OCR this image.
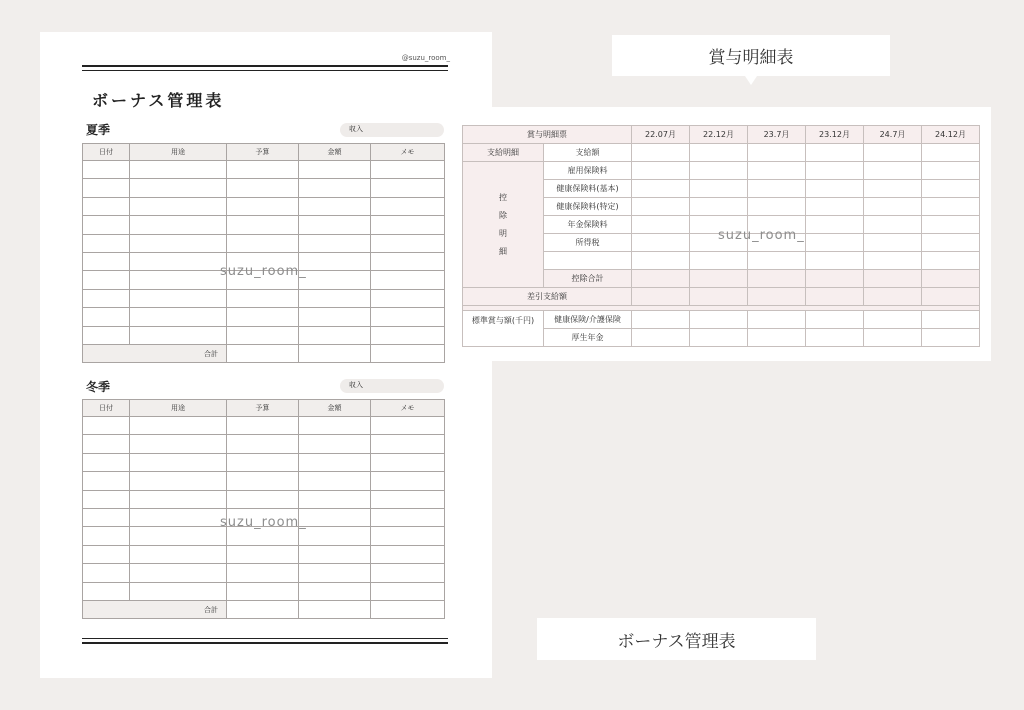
@suzu_room_
ボーナス管理表
夏季	収入
日付	用途	予算	金額	メモ

合計				
冬季	収入
日付	用途	予算	金額	メモ

合計				
suzu_room_
suzu_room_
賞与明細票		22.07月	22.12月	23.7月	23.12月	24.7月	24.12月
支給明細	支給額						
控除明細	雇用保険料						
	健康保険料(基本)						
	健康保険料(特定)						
	年金保険料						
	所得税						

	控除合計						
差引支給額							

標準賞与額(千円)	健康保険/介護保険						
	厚生年金						
suzu_room_
賞与明細表
ボーナス管理表
